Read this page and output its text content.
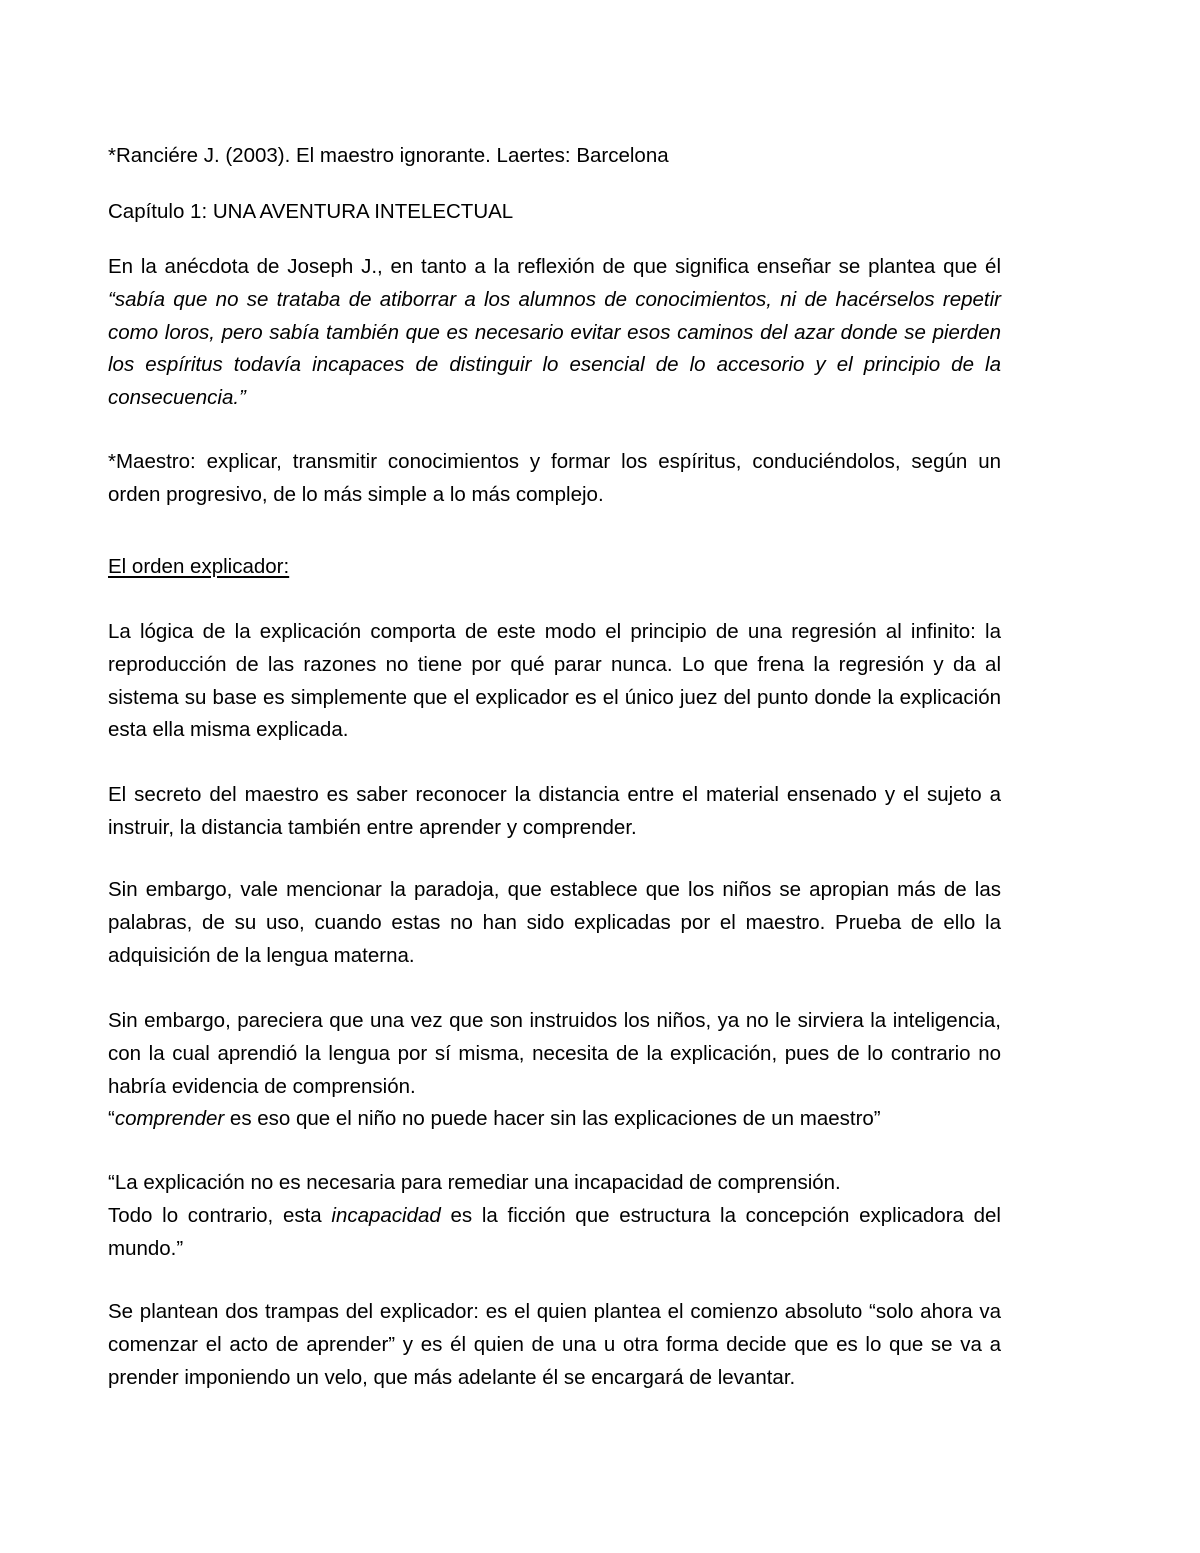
*Ranciére J. (2003). El maestro ignorante. Laertes: Barcelona

Capítulo 1: UNA AVENTURA INTELECTUAL

En la anécdota de Joseph J., en tanto a la reflexión de que significa enseñar se plantea que él “sabía que no se trataba de atiborrar a los alumnos de conocimientos, ni de hacérselos repetir como loros, pero sabía también que es necesario evitar esos caminos del azar donde se pierden los espíritus todavía incapaces de distinguir lo esencial de lo accesorio y el principio de la consecuencia.”

*Maestro: explicar, transmitir conocimientos y formar los espíritus, conduciéndolos, según un orden progresivo, de lo más simple a lo más complejo.

El orden explicador:

La lógica de la explicación comporta de este modo el principio de una regresión al infinito: la reproducción de las razones no tiene por qué parar nunca. Lo que frena la regresión y da al sistema su base es simplemente que el explicador es el único juez del punto donde la explicación esta ella misma explicada.

El secreto del maestro es saber reconocer la distancia entre el material ensenado y el sujeto a instruir, la distancia también entre aprender y comprender.

Sin embargo, vale mencionar la paradoja, que establece que los niños se apropian más de las palabras, de su uso, cuando estas no han sido explicadas por el maestro. Prueba de ello la adquisición de la lengua materna.

Sin embargo, pareciera que una vez que son instruidos los niños, ya no le sirviera la inteligencia, con la cual aprendió la lengua por sí misma, necesita de la explicación, pues de lo contrario no habría evidencia de comprensión.
“comprender es eso que el niño no puede hacer sin las explicaciones de un maestro”
“La explicación no es necesaria para remediar una incapacidad de comprensión.
Todo lo contrario, esta incapacidad es la ficción que estructura la concepción explicadora del mundo.”

Se plantean dos trampas del explicador: es el quien plantea el comienzo absoluto “solo ahora va comenzar el acto de aprender” y es él quien de una u otra forma decide que es lo que se va a prender imponiendo un velo, que más adelante él se encargará de levantar.
